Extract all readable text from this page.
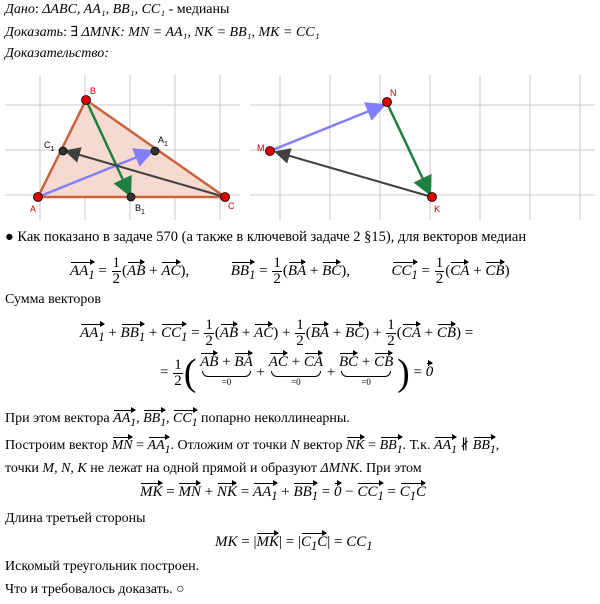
Дано: ΔABC, AA₁, BB₁, CC₁ - медианы
Доказать: ∃ ΔMNK: MN = AA₁, NK = BB₁, MK = CC₁
Доказательство:
A
B
C
$A_1$
$B_1$
$C_1$	M
N
K
● Как показано в задаче 570 (а также в ключевой задаче 2 §15), для векторов медиан
$AA_1 = \frac{1}{2} (AB + AC)$,	$BB_1 = \frac{1}{2} (BA + BC)$,	$CC_1 = \frac{1}{2} (CA + CB)$
Сумма векторов
$AA_1 + BB_1 + CC_1 = \frac{1}{2} (AB + AC) + \frac{1}{2} (BA + BC) + \frac{1}{2} (CA + CB)$ =
= $\frac{1}{2}$ ( AB + BA
=0
+ AC + CA
=0
+ BC + CB
=0 ) = 0
При этом вектора $AA_1$, $BB_1$, $CC_1$ попарно неколлинеарны.
Построим вектор MN = $AA_1$. Отложим от точки N вектор NK = $BB_1$. Т.к. $AA_1$ ∦ $BB_1$,
точки M, N, K не лежат на одной прямой и образуют ΔMNK. При этом
MK = MN + NK = $AA_1 + BB_1 = 0 - CC_1 = C_1C$
Длина третьей стороны
MK = $|MK| = |C_1C| = CC_1$
Искомый треугольник построен.
Что и требовалось доказать. ○
